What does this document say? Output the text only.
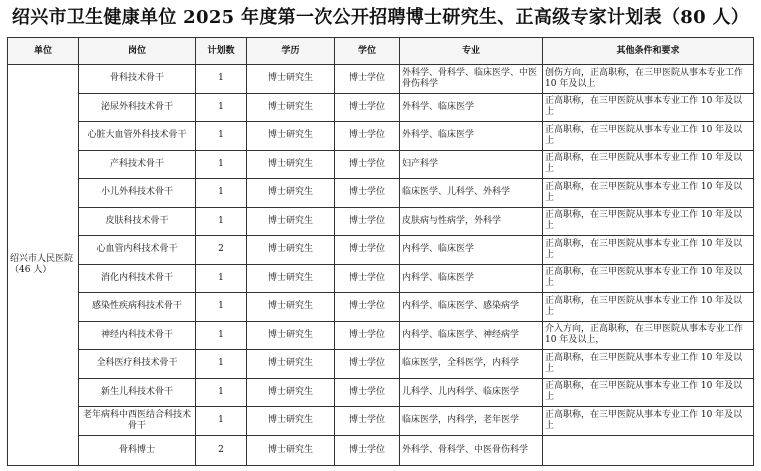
绍兴市卫生健康单位 2025 年度第一次公开招聘博士研究生、正高级专家计划表（80 人）
单位	岗位	计划数	学历	学位	专业	其他条件和要求
绍兴市人民医院（46 人）	骨科技术骨干	1	博士研究生	博士学位	外科学、骨科学、临床医学、中医骨伤科学	创伤方向，正高职称，在三甲医院从事本专业工作 10 年及以上
	泌尿外科技术骨干	1	博士研究生	博士学位	外科学、临床医学	正高职称，在三甲医院从事本专业工作 10 年及以上
	心脏大血管外科技术骨干	1	博士研究生	博士学位	外科学、临床医学	正高职称，在三甲医院从事本专业工作 10 年及以上
	产科技术骨干	1	博士研究生	博士学位	妇产科学	正高职称，在三甲医院从事本专业工作 10 年及以上
	小儿外科技术骨干	1	博士研究生	博士学位	临床医学、儿科学、外科学	正高职称，在三甲医院从事本专业工作 10 年及以上
	皮肤科技术骨干	1	博士研究生	博士学位	皮肤病与性病学，外科学	正高职称，在三甲医院从事本专业工作 10 年及以上
	心血管内科技术骨干	2	博士研究生	博士学位	内科学、临床医学	正高职称，在三甲医院从事本专业工作 10 年及以上
	消化内科技术骨干	1	博士研究生	博士学位	内科学、临床医学	正高职称，在三甲医院从事本专业工作 10 年及以上
	感染性疾病科技术骨干	1	博士研究生	博士学位	内科学、临床医学、感染病学	正高职称，在三甲医院从事本专业工作 10 年及以上
	神经内科技术骨干	1	博士研究生	博士学位	内科学、临床医学、神经病学	介入方向，正高职称，在三甲医院从事本专业工作 10 年及以上，
	全科医疗科技术骨干	1	博士研究生	博士学位	临床医学，全科医学，内科学	正高职称，在三甲医院从事本专业工作 10 年及以上
	新生儿科技术骨干	1	博士研究生	博士学位	儿科学、儿内科学、临床医学	正高职称，在三甲医院从事本专业工作 10 年及以上
	老年病科中西医结合科技术骨干	1	博士研究生	博士学位	临床医学，内科学，老年医学	正高职称，在三甲医院从事本专业工作 10 年及以上
	骨科博士	2	博士研究生	博士学位	外科学、骨科学、中医骨伤科学	
